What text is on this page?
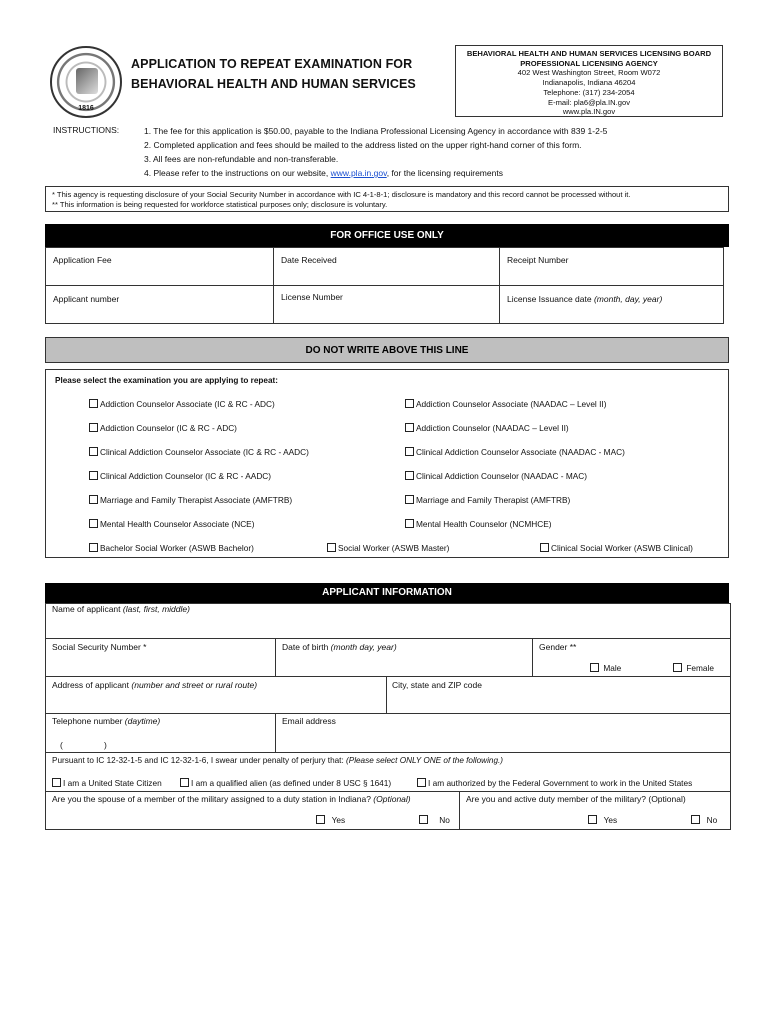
1816
APPLICATION TO REPEAT EXAMINATION FOR
BEHAVIORAL HEALTH AND HUMAN SERVICES
BEHAVIORAL HEALTH AND HUMAN SERVICES LICENSING BOARD
PROFESSIONAL LICENSING AGENCY
402 West Washington Street, Room W072
Indianapolis, Indiana 46204
Telephone: (317) 234-2054
E-mail: pla6@pla.IN.gov
www.pla.IN.gov
INSTRUCTIONS:	1. The fee for this application is $50.00, payable to the Indiana Professional Licensing Agency in accordance with 839 1-2-5
2. Completed application and fees should be mailed to the address listed on the upper right-hand corner of this form.
3. All fees are non-refundable and non-transferable.
4. Please refer to the instructions on our website, www.pla.in.gov, for the licensing requirements
* This agency is requesting disclosure of your Social Security Number in accordance with IC 4-1-8-1; disclosure is mandatory and this record cannot be processed without it.
** This information is being requested for workforce statistical purposes only; disclosure is voluntary.
FOR OFFICE USE ONLY
Application Fee	Date Received	Receipt Number
Applicant number	License Number	License Issuance date (month, day, year)
DO NOT WRITE ABOVE THIS LINE
Please select the examination you are applying to repeat:
Addiction Counselor Associate (IC & RC - ADC)
Addiction Counselor (IC & RC - ADC)
Clinical Addiction Counselor Associate (IC & RC - AADC)
Clinical Addiction Counselor (IC & RC - AADC)
Marriage and Family Therapist Associate (AMFTRB)
Mental Health Counselor Associate (NCE)
Bachelor Social Worker (ASWB Bachelor)
Addiction Counselor Associate (NAADAC – Level II)
Addiction Counselor (NAADAC – Level II)
Clinical Addiction Counselor Associate (NAADAC - MAC)
Clinical Addiction Counselor (NAADAC - MAC)
Marriage and Family Therapist (AMFTRB)
Mental Health Counselor (NCMHCE)
Social Worker (ASWB Master)	Clinical Social Worker (ASWB Clinical)
APPLICANT INFORMATION
Name of applicant (last, first, middle)
Social Security Number *	Date of birth (month day, year)	Gender **
Male	Female
Address of applicant (number and street or rural route)	City, state and ZIP code
Telephone number (daytime)
(	)
Email address
Pursuant to IC 12-32-1-5 and IC 12-32-1-6, I swear under penalty of perjury that: (Please select ONLY ONE of the following.)
I am a United State Citizen	I am a qualified alien (as defined under 8 USC § 1641)	I am authorized by the Federal Government to work in the United States
Are you the spouse of a member of the military assigned to a duty station in Indiana? (Optional)	Are you and active duty member of the military? (Optional)
Yes	No	Yes	No
